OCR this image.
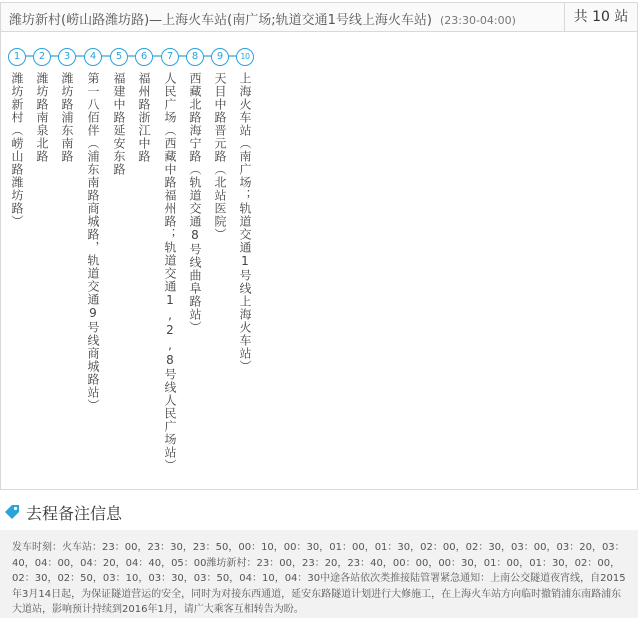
潍坊新村(崂山路潍坊路)—上海火车站(南广场;轨道交通1号线上海火车站) (23:30-04:00)	共 10 站
1
潍坊新村（崂山路潍坊路）
2
潍坊路南泉北路
3
潍坊路浦东南路
4
第一八佰伴（浦东南路商城路，轨道交通9号线商城路站）
5
福建中路延安东路
6
福州路浙江中路
7
人民广场（西藏中路福州路；轨道交通1,2,8号线人民广场站）
8
西藏北路海宁路（轨道交通8号线曲阜路站）
9
天目中路晋元路（北站医院）
10
上海火车站（南广场；轨道交通1号线上海火车站）
去程备注信息
发车时刻：火车站：23：00，23：30，23：50，00：10，00：30，01：00，01：30，02：00，02：30，03：00，03：20，03：40，04：00，04：20，04：40，05：00潍坊新村：23：00，23：20，23：40，00：00，00：30，01：00，01：30，02：00，02：30，02：50，03：10，03：30，03：50，04：10，04：30中途各站依次类推接陆管署紧急通知：上南公交隧道夜宵线，自2015年3月14日起，为保证隧道营运的安全，同时为对接东西通道，延安东路隧道计划进行大修施工，在上海火车站方向临时撤销浦东南路浦东大道站，影响预计持续到2016年1月，请广大乘客互相转告为盼。
